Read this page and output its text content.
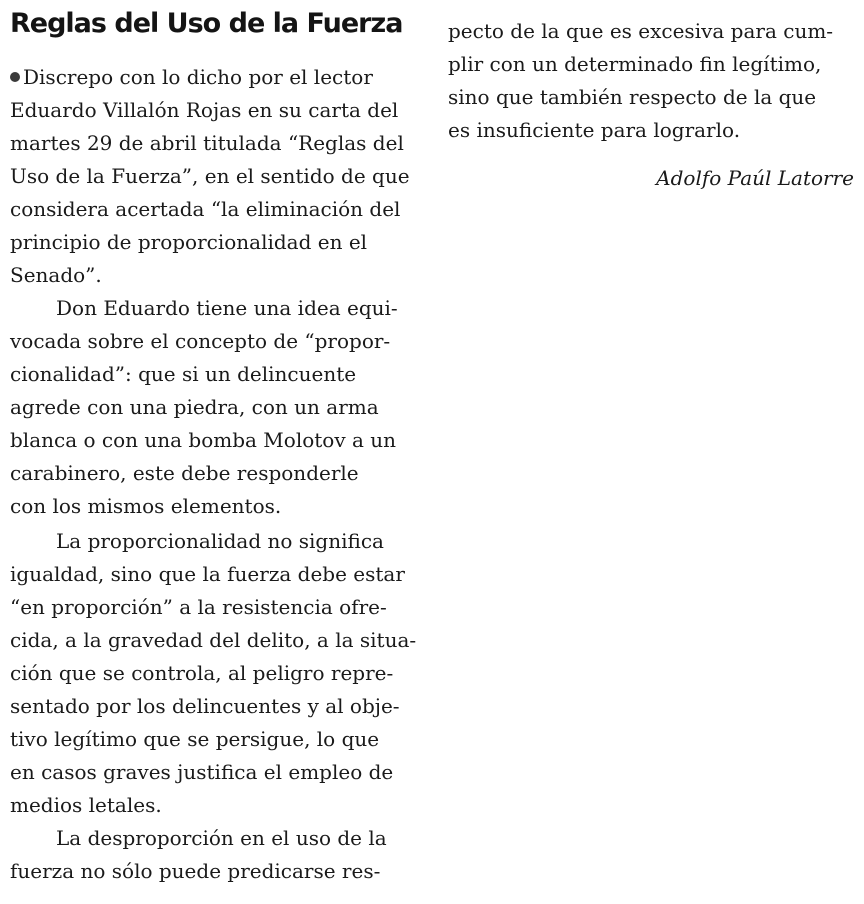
Reglas del Uso de la Fuerza
Discrepo con lo dicho por el lector
Eduardo Villalón Rojas en su carta del
martes 29 de abril titulada “Reglas del
Uso de la Fuerza”, en el sentido de que
considera acertada “la eliminación del
principio de proporcionalidad en el
Senado”.
Don Eduardo tiene una idea equi-
vocada sobre el concepto de “propor-
cionalidad”: que si un delincuente
agrede con una piedra, con un arma
blanca o con una bomba Molotov a un
carabinero, este debe responderle
con los mismos elementos.
La proporcionalidad no significa
igualdad, sino que la fuerza debe estar
“en proporción” a la resistencia ofre-
cida, a la gravedad del delito, a la situa-
ción que se controla, al peligro repre-
sentado por los delincuentes y al obje-
tivo legítimo que se persigue, lo que
en casos graves justifica el empleo de
medios letales.
La desproporción en el uso de la
fuerza no sólo puede predicarse res-
pecto de la que es excesiva para cum-
plir con un determinado fin legítimo,
sino que también respecto de la que
es insuficiente para lograrlo.
Adolfo Paúl Latorre
